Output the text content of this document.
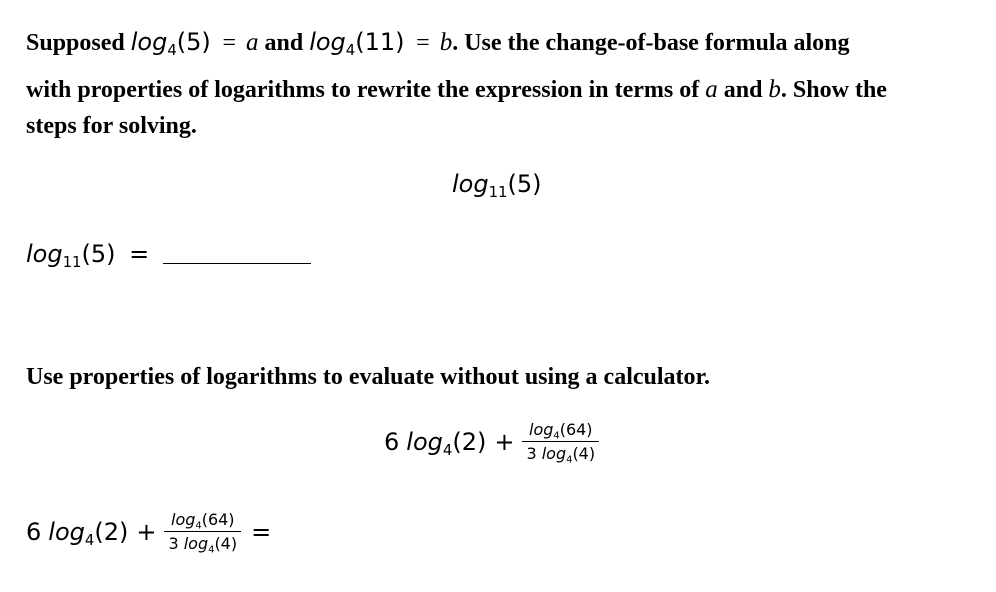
Supposed $\log_4(5) = a$ and $\log_4(11) = b$. Use the change-of-base formula along
with properties of logarithms to rewrite the expression in terms of a and b. Show the
steps for solving.
$\log_{11}(5)$
$\log_{11}(5)$ =
Use properties of logarithms to evaluate without using a calculator.
6 $\log_4(2) + \frac{\log_4(64)}{3 \log_4(4)}$
6 $\log_4(2) + \frac{\log_4(64)}{3 \log_4(4)}$ =
